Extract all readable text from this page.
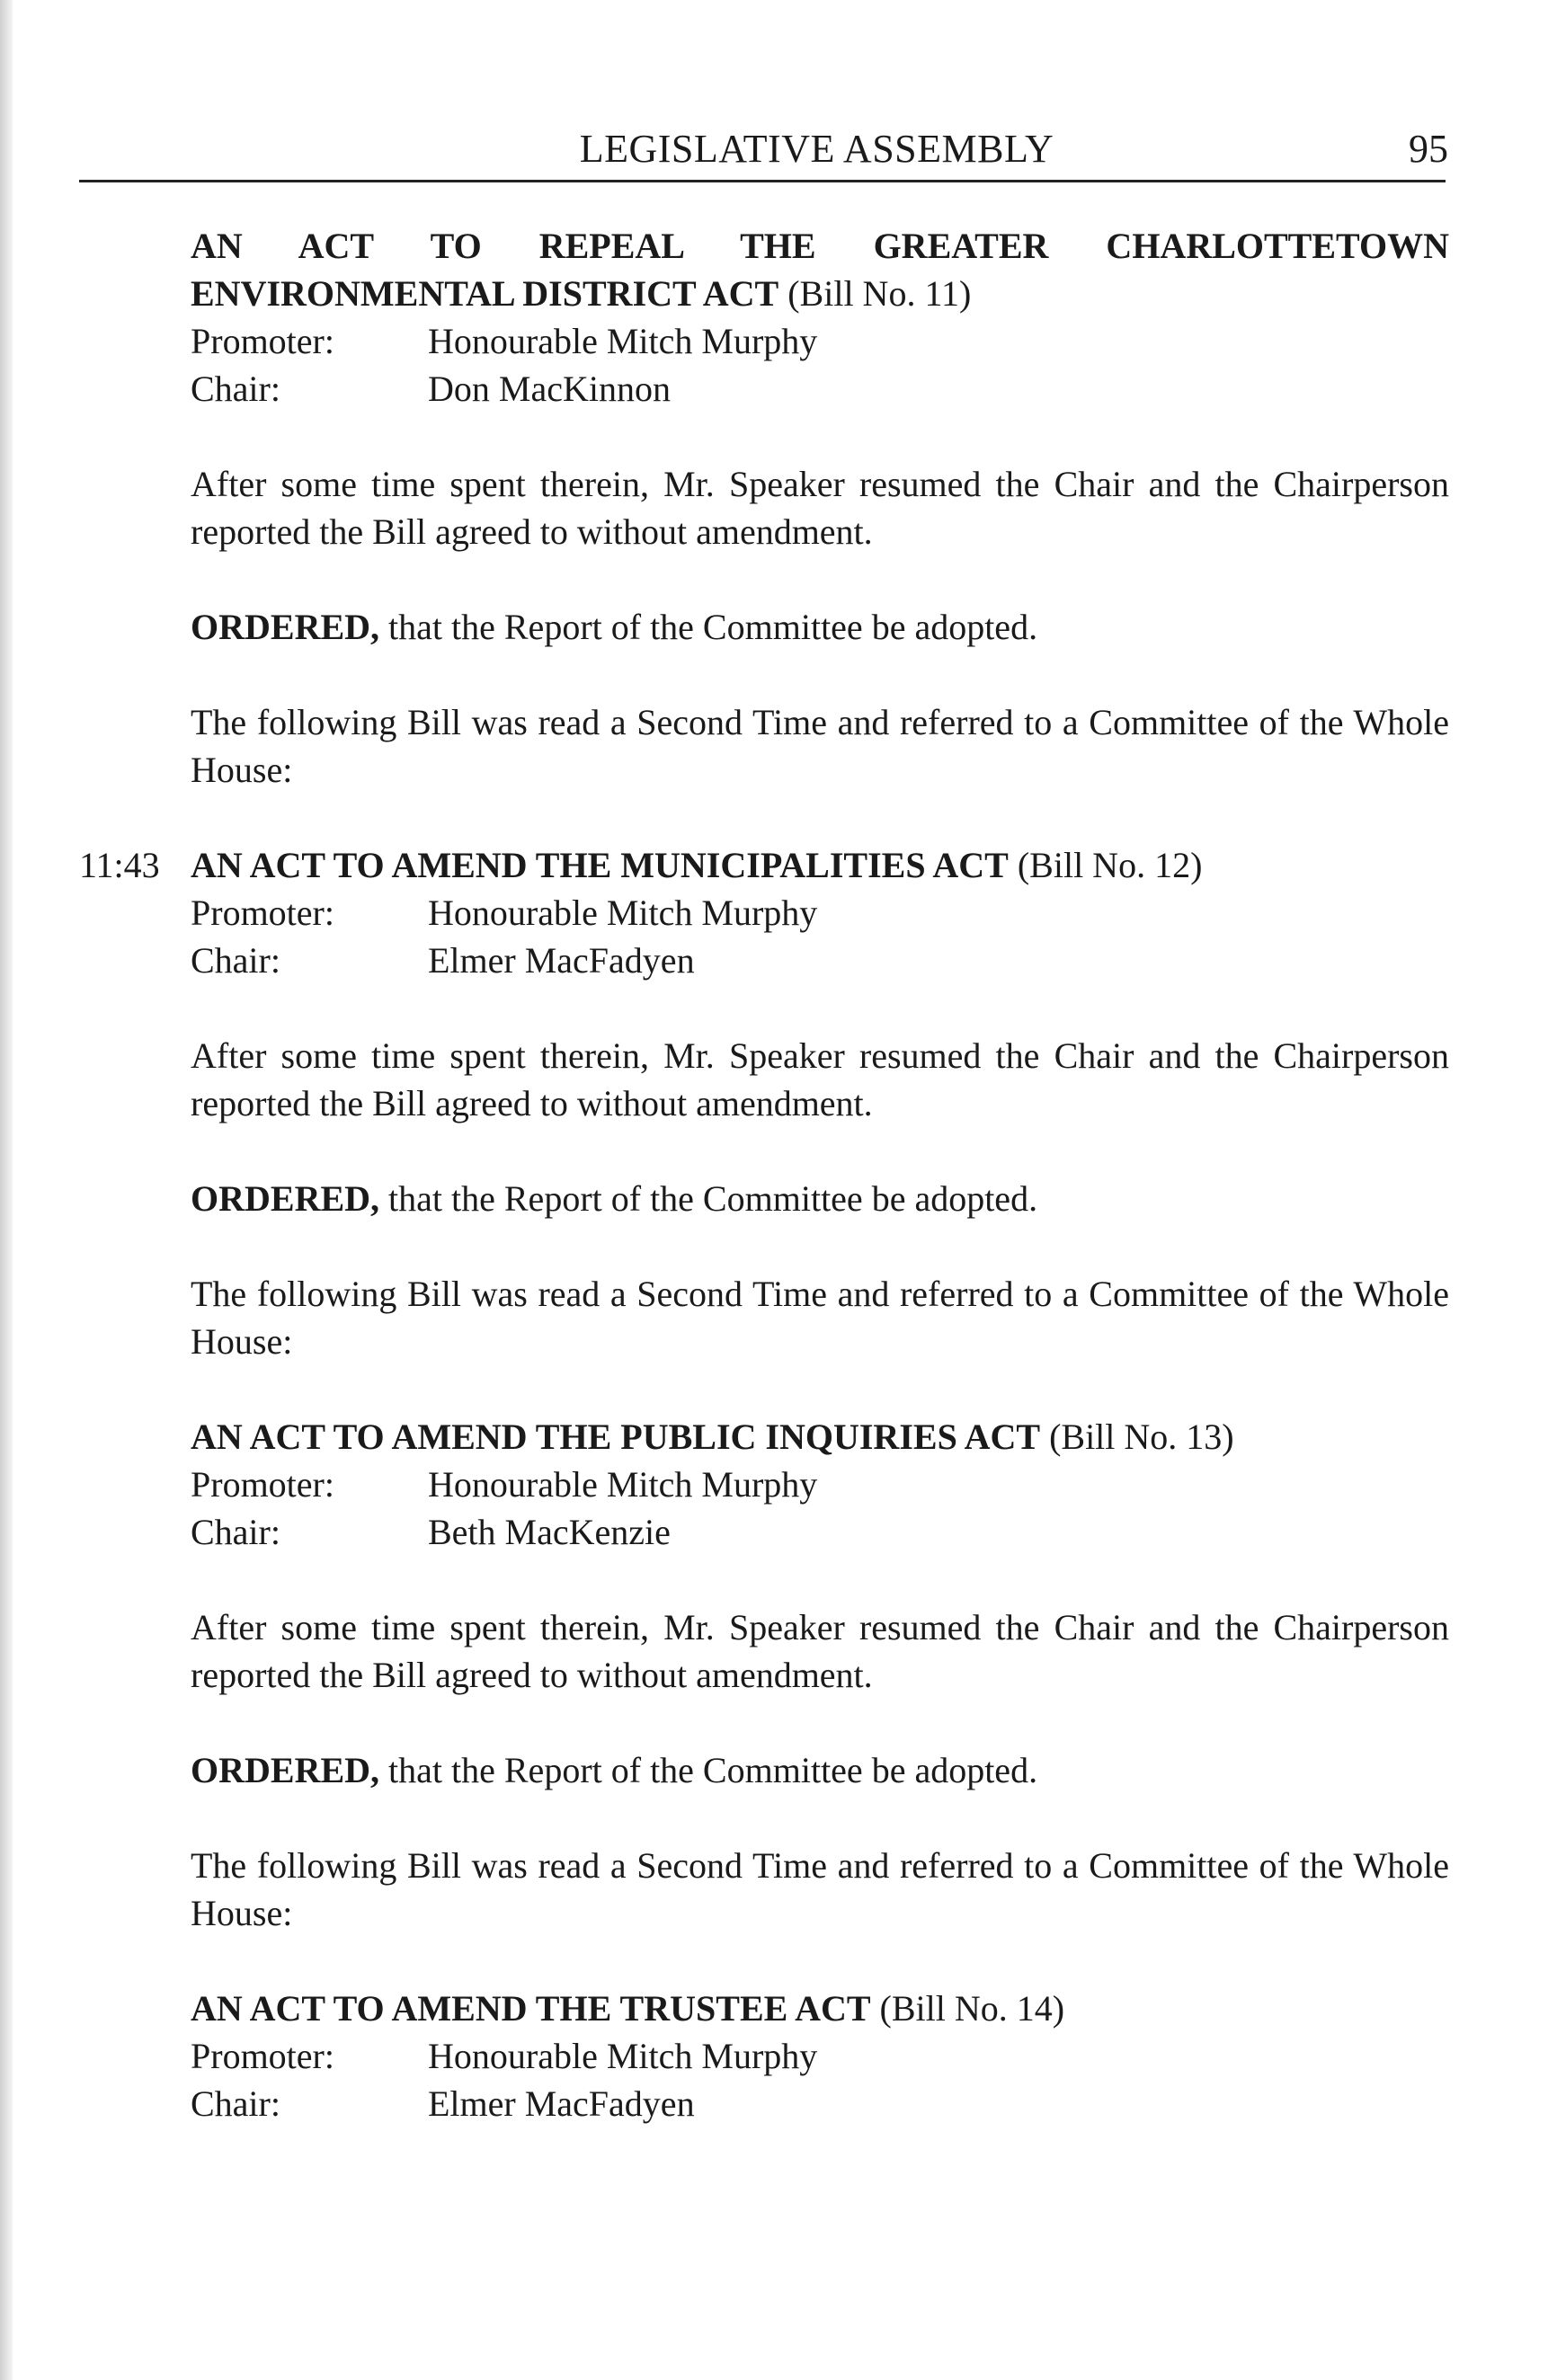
LEGISLATIVE ASSEMBLY	95
AN ACT TO REPEAL THE GREATER CHARLOTTETOWN ENVIRONMENTAL DISTRICT ACT (Bill No. 11)
Promoter:	Honourable Mitch Murphy
Chair:	Don MacKinnon
After some time spent therein, Mr. Speaker resumed the Chair and the Chairperson reported the Bill agreed to without amendment.
ORDERED, that the Report of the Committee be adopted.
The following Bill was read a Second Time and referred to a Committee of the Whole House:
11:43 AN ACT TO AMEND THE MUNICIPALITIES ACT (Bill No. 12)
Promoter:	Honourable Mitch Murphy
Chair:	Elmer MacFadyen
After some time spent therein, Mr. Speaker resumed the Chair and the Chairperson reported the Bill agreed to without amendment.
ORDERED, that the Report of the Committee be adopted.
The following Bill was read a Second Time and referred to a Committee of the Whole House:
AN ACT TO AMEND THE PUBLIC INQUIRIES ACT (Bill No. 13)
Promoter:	Honourable Mitch Murphy
Chair:	Beth MacKenzie
After some time spent therein, Mr. Speaker resumed the Chair and the Chairperson reported the Bill agreed to without amendment.
ORDERED, that the Report of the Committee be adopted.
The following Bill was read a Second Time and referred to a Committee of the Whole House:
AN ACT TO AMEND THE TRUSTEE ACT (Bill No. 14)
Promoter:	Honourable Mitch Murphy
Chair:	Elmer MacFadyen
